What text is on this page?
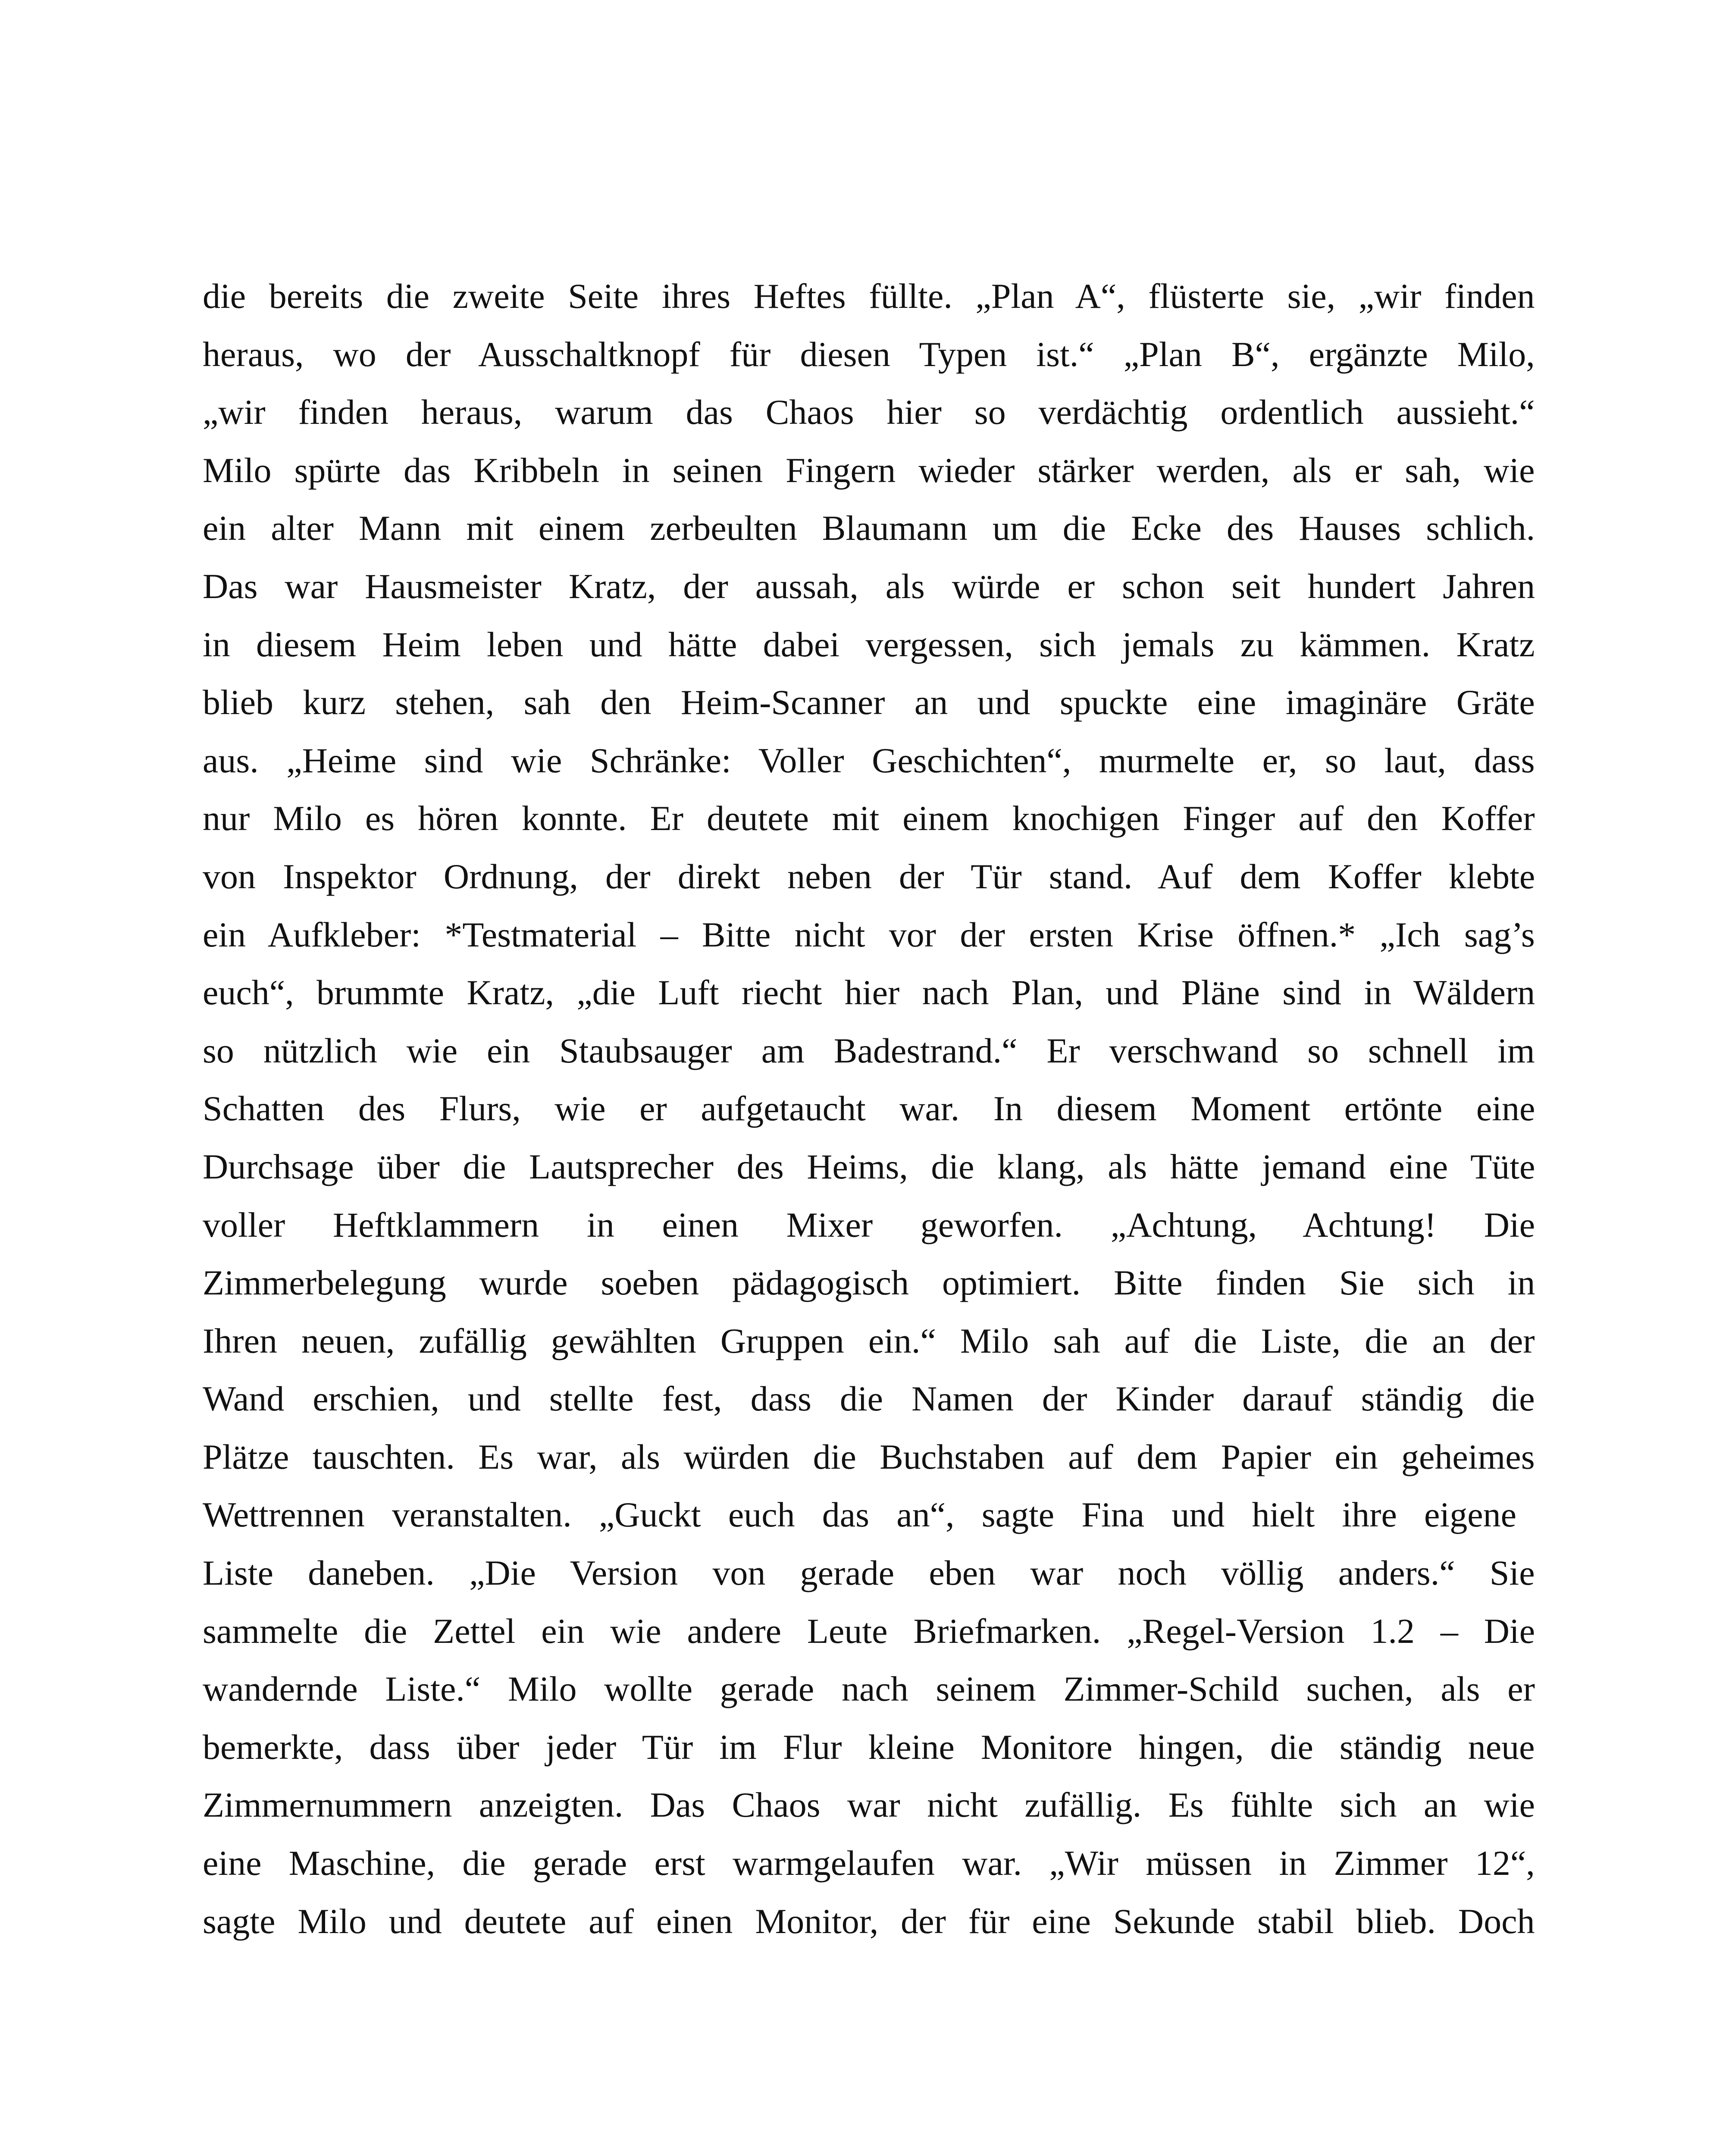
die bereits die zweite Seite ihres Heftes füllte. „Plan A“, flüsterte sie, „wir finden
heraus, wo der Ausschaltknopf für diesen Typen ist.“ „Plan B“, ergänzte Milo,
„wir finden heraus, warum das Chaos hier so verdächtig ordentlich aussieht.“
Milo spürte das Kribbeln in seinen Fingern wieder stärker werden, als er sah, wie
ein alter Mann mit einem zerbeulten Blaumann um die Ecke des Hauses schlich.
Das war Hausmeister Kratz, der aussah, als würde er schon seit hundert Jahren
in diesem Heim leben und hätte dabei vergessen, sich jemals zu kämmen. Kratz
blieb kurz stehen, sah den Heim-Scanner an und spuckte eine imaginäre Gräte
aus. „Heime sind wie Schränke: Voller Geschichten“, murmelte er, so laut, dass
nur Milo es hören konnte. Er deutete mit einem knochigen Finger auf den Koffer
von Inspektor Ordnung, der direkt neben der Tür stand. Auf dem Koffer klebte
ein Aufkleber: *Testmaterial – Bitte nicht vor der ersten Krise öffnen.* „Ich sag’s
euch“, brummte Kratz, „die Luft riecht hier nach Plan, und Pläne sind in Wäldern
so nützlich wie ein Staubsauger am Badestrand.“ Er verschwand so schnell im
Schatten des Flurs, wie er aufgetaucht war. In diesem Moment ertönte eine
Durchsage über die Lautsprecher des Heims, die klang, als hätte jemand eine Tüte
voller Heftklammern in einen Mixer geworfen. „Achtung, Achtung! Die
Zimmerbelegung wurde soeben pädagogisch optimiert. Bitte finden Sie sich in
Ihren neuen, zufällig gewählten Gruppen ein.“ Milo sah auf die Liste, die an der
Wand erschien, und stellte fest, dass die Namen der Kinder darauf ständig die
Plätze tauschten. Es war, als würden die Buchstaben auf dem Papier ein geheimes
Wettrennen veranstalten. „Guckt euch das an“, sagte Fina und hielt ihre eigene
Liste daneben. „Die Version von gerade eben war noch völlig anders.“ Sie
sammelte die Zettel ein wie andere Leute Briefmarken. „Regel-Version 1.2 – Die
wandernde Liste.“ Milo wollte gerade nach seinem Zimmer-Schild suchen, als er
bemerkte, dass über jeder Tür im Flur kleine Monitore hingen, die ständig neue
Zimmernummern anzeigten. Das Chaos war nicht zufällig. Es fühlte sich an wie
eine Maschine, die gerade erst warmgelaufen war. „Wir müssen in Zimmer 12“,
sagte Milo und deutete auf einen Monitor, der für eine Sekunde stabil blieb. Doch
